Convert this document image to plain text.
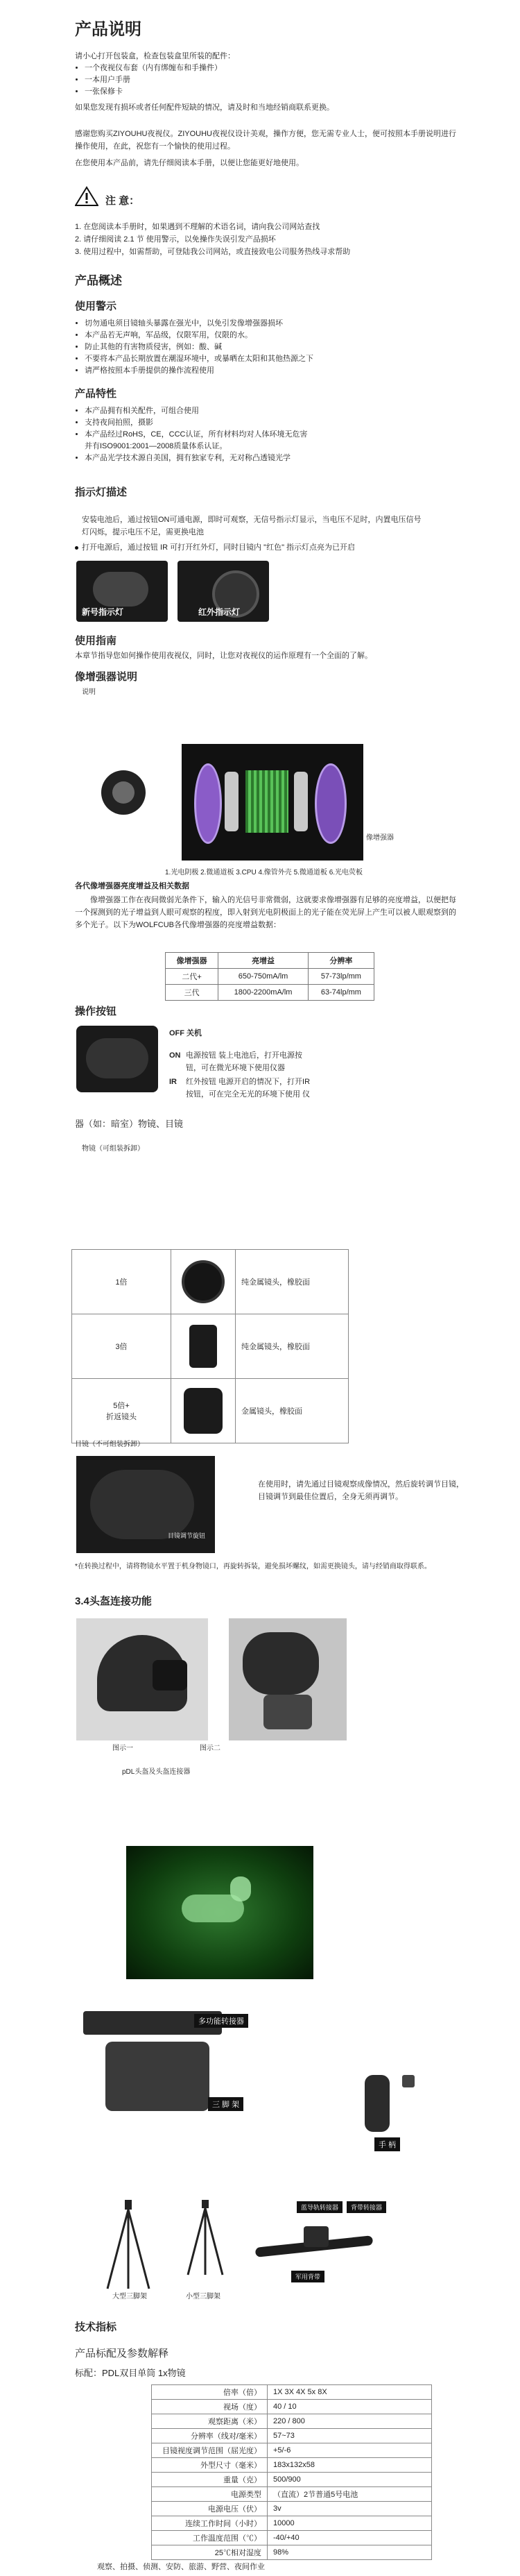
产品说明
请小心打开包装盒，检查包装盒里所装的配件：
• 一个夜视仪布套（内有绑缠布和手操件）
• 一本用户手册
• 一张保修卡
如果您发现有损坏或者任何配件短缺的情况，请及时和当地经销商联系更换。
感谢您购买ZIYOUHU夜视仪。ZIYOUHU夜视仪设计美观，操作方便，您无需专业人士，便可按照本手册说明进行操作使用，在此，祝您有一个愉快的使用过程。
在您使用本产品前，请先仔细阅读本手册，以便让您能更好地使用。
注 意：
1. 在您阅读本手册时，如果遇到不理解的术语名词，请向我公司网站查找
2. 请仔细阅读 2.1 节 使用警示，以免操作失误引发产品损坏
3. 使用过程中，如需帮助，可登陆我公司网站，或直接致电公司服务热线寻求帮助
产品概述
使用警示
• 切勿通电须目镜轴头暴露在强光中，以免引发像增强器损坏
• 本产品若无声响，军品级，仅限军用，仅限的水。
• 防止其他的有害物质侵害，例如：酸、碱
• 不要将本产品长期放置在潮湿环境中，或暴晒在太阳和其他热源之下
• 请严格按照本手册提供的操作流程使用
产品特性
• 本产品拥有相关配件，可组合使用
• 支持夜间拍照，摄影
• 本产品经过RoHS，CE，CCC认证，所有材料均对人体环境无危害
并有ISO9001:2001—2008质量体系认证。
• 本产品光学技术源自美国，拥有独家专利，无对称凸透镜光学
指示灯描述
安装电池后，通过按钮ON可通电源，即时可观察，无信号指示灯显示，当电压不足时，内置电压信号
灯闪烁，提示电压不足，需更换电池
打开电源后，通过按钮 IR 可打开红外灯，同时目镜内 "红色" 指示灯点亮为已开启
新号指示灯	红外指示灯
使用指南
本章节指导您如何操作使用夜视仪，同时，让您对夜视仪的运作原理有一个全面的了解。
像增强器说明
说明
像增强器
1.光电阴极 2.微通道板 3.CPU 4.像管外壳 5.微通道板 6.光电荧板
各代像增强器亮度增益及相关数据
像增强器工作在夜间微弱光条件下，输入的光信号非常微弱，这就要求像增强器有足够的亮度增益，以便把每一个探测到的光子增益到人眼可观察的程度，即入射到光电阴极面上的光子能在荧光屏上产生可以被人眼观察到的多个光子。以下为WOLFCUB各代像增强器的亮度增益数据：
像增强器	亮增益	分辨率
二代+	650-750mA/lm	57-73lp/mm
三代	1800-2200mA/lm	63-74lp/mm
操作按钮
OFF 关机
ON 电源按钮 装上电池后，打开电源按
钮，可在微光环境下使用仪器
IR 红外按钮 电源开启的情况下，打开IR
按钮，可在完全无光的环境下使用 仪
器（如：暗室）物镜、目镜
物镜（可组装拆卸）
1倍		纯金属镜头，橡胶面
3倍		纯金属镜头，橡胶面
5倍+
折返镜头		金属镜头，橡胶面
目镜（不可组装拆卸）
目镜调节旋钮
在使用时，请先通过目镜观察成像情况，然后旋转调节目镜，目镜调节到最佳位置后，全身无须再调节。
*在转换过程中，请将物镜水平置于机身物镜口，再旋转拆装，避免损坏螺纹，如需更换镜头，请与经销商取得联系。
3.4头盔连接功能
图示一	图示二
pDL头盔及头盔连接器
多功能转接器
三 脚 架
手 柄
大型三脚架	小型三脚架
蓝导轨转接器	背带转接器
军用背带
技术指标
产品标配及参数解释
标配：PDL双目单筒 1x物镜
倍率（倍）	1X 3X 4X 5x 8X
视场（度）	40 / 10
观察距离（米）	220 / 800
分辨率（线对/毫米）	57~73
目镜视度调节范围（屈光度）	+5/-6
外型尺寸（毫米）	183x132x58
重量（克）	500/900
电源类型	（直流）2节普通5号电池
电源电压（伏）	3v
连续工作时间（小时）	10000
工作温度范围（℃）	-40/+40
25℃相对湿度	98%
观察、拍摄、侦测、安防、旅游、野营、夜间作业
